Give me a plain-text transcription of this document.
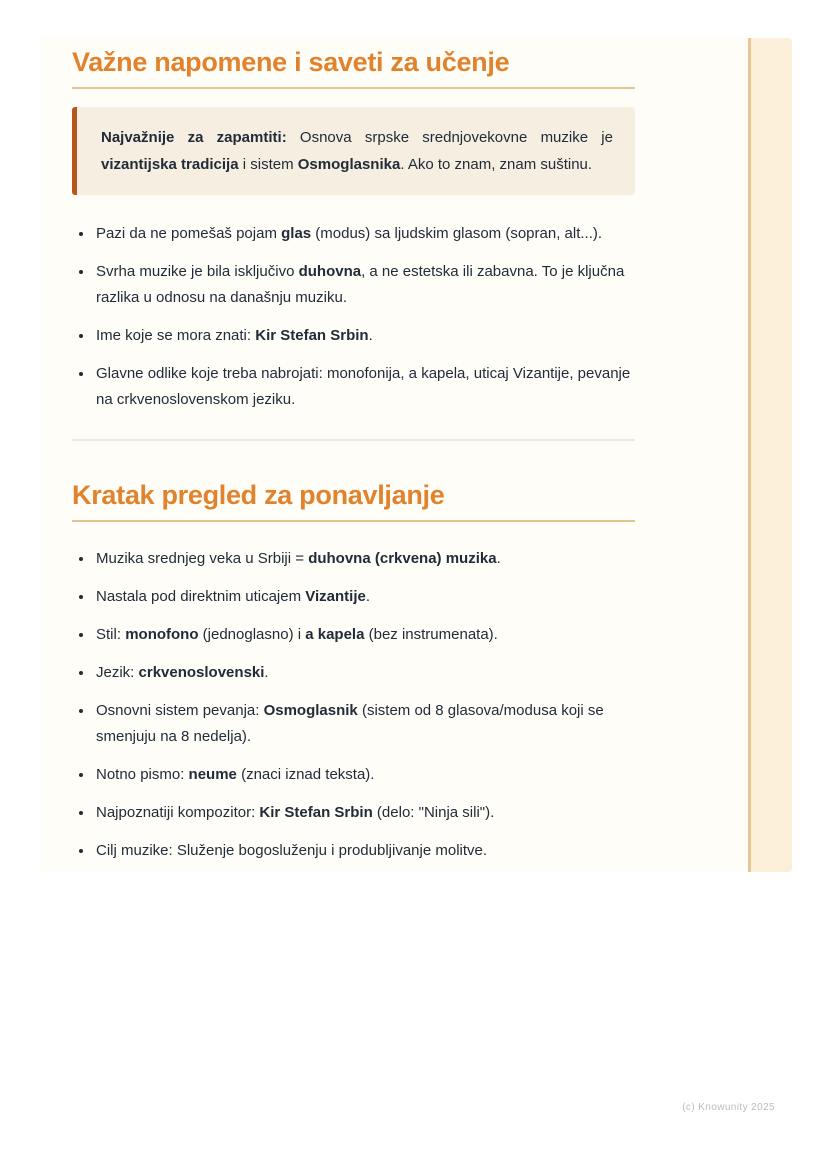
Važne napomene i saveti za učenje

Najvažnije za zapamtiti: Osnova srpske srednjovekovne muzike je vizantijska tradicija i sistem Osmoglasnika. Ako to znam, znam suštinu.

• Pazi da ne pomešaš pojam glas (modus) sa ljudskim glasom (sopran, alt...).
• Svrha muzike je bila isključivo duhovna, a ne estetska ili zabavna. To je ključna razlika u odnosu na današnju muziku.
• Ime koje se mora znati: Kir Stefan Srbin.
• Glavne odlike koje treba nabrojati: monofonija, a kapela, uticaj Vizantije, pevanje na crkvenoslovenskom jeziku.
Kratak pregled za ponavljanje
• Muzika srednjeg veka u Srbiji = duhovna (crkvena) muzika.
• Nastala pod direktnim uticajem Vizantije.
• Stil: monofono (jednoglasno) i a kapela (bez instrumenata).
• Jezik: crkvenoslovenski.
• Osnovni sistem pevanja: Osmoglasnik (sistem od 8 glasova/modusa koji se smenjuju na 8 nedelja).
• Notno pismo: neume (znaci iznad teksta).
• Najpoznatiji kompozitor: Kir Stefan Srbin (delo: "Ninja sili").
• Cilj muzike: Služenje bogosluženju i produbljivanje molitve.
(c) Knowunity 2025
